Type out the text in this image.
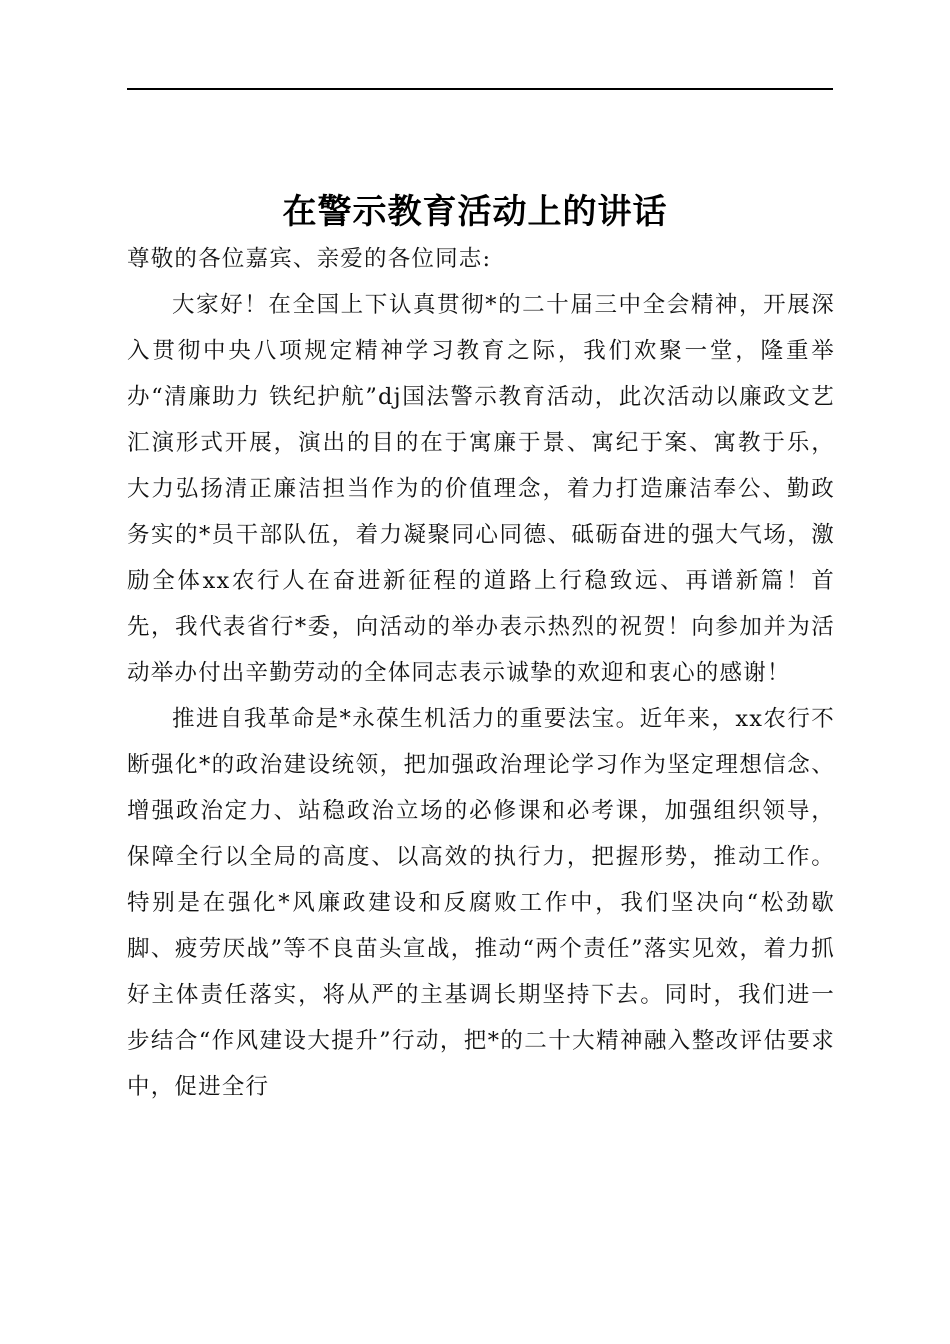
在警示教育活动上的讲话

尊敬的各位嘉宾、亲爱的各位同志:

大家好！在全国上下认真贯彻*的二十届三中全会精神，开展深入贯彻中央八项规定精神学习教育之际，我们欢聚一堂，隆重举办“清廉助力 铁纪护航”dj国法警示教育活动，此次活动以廉政文艺汇演形式开展，演出的目的在于寓廉于景、寓纪于案、寓教于乐，大力弘扬清正廉洁担当作为的价值理念，着力打造廉洁奉公、勤政务实的*员干部队伍，着力凝聚同心同德、砥砺奋进的强大气场，激励全体xx农行人在奋进新征程的道路上行稳致远、再谱新篇！首先，我代表省行*委，向活动的举办表示热烈的祝贺！向参加并为活动举办付出辛勤劳动的全体同志表示诚挚的欢迎和衷心的感谢！

推进自我革命是*永葆生机活力的重要法宝。近年来，xx农行不断强化*的政治建设统领，把加强政治理论学习作为坚定理想信念、增强政治定力、站稳政治立场的必修课和必考课，加强组织领导，保障全行以全局的高度、以高效的执行力，把握形势，推动工作。特别是在强化*风廉政建设和反腐败工作中，我们坚决向“松劲歇脚、疲劳厌战”等不良苗头宣战，推动“两个责任”落实见效，着力抓好主体责任落实，将从严的主基调长期坚持下去。同时，我们进一步结合“作风建设大提升”行动，把*的二十大精神融入整改评估要求中，促进全行
